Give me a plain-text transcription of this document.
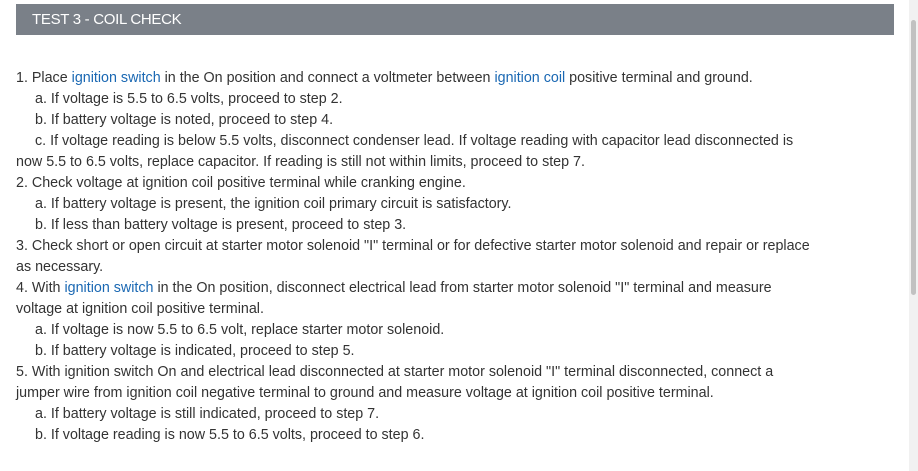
TEST 3 - COIL CHECK
1. Place ignition switch in the On position and connect a voltmeter between ignition coil positive terminal and ground.
a. If voltage is 5.5 to 6.5 volts, proceed to step 2.
b. If battery voltage is noted, proceed to step 4.
c. If voltage reading is below 5.5 volts, disconnect condenser lead. If voltage reading with capacitor lead disconnected is
now 5.5 to 6.5 volts, replace capacitor. If reading is still not within limits, proceed to step 7.
2. Check voltage at ignition coil positive terminal while cranking engine.
a. If battery voltage is present, the ignition coil primary circuit is satisfactory.
b. If less than battery voltage is present, proceed to step 3.
3. Check short or open circuit at starter motor solenoid "I" terminal or for defective starter motor solenoid and repair or replace
as necessary.
4. With ignition switch in the On position, disconnect electrical lead from starter motor solenoid "I" terminal and measure
voltage at ignition coil positive terminal.
a. If voltage is now 5.5 to 6.5 volt, replace starter motor solenoid.
b. If battery voltage is indicated, proceed to step 5.
5. With ignition switch On and electrical lead disconnected at starter motor solenoid "I" terminal disconnected, connect a
jumper wire from ignition coil negative terminal to ground and measure voltage at ignition coil positive terminal.
a. If battery voltage is still indicated, proceed to step 7.
b. If voltage reading is now 5.5 to 6.5 volts, proceed to step 6.
